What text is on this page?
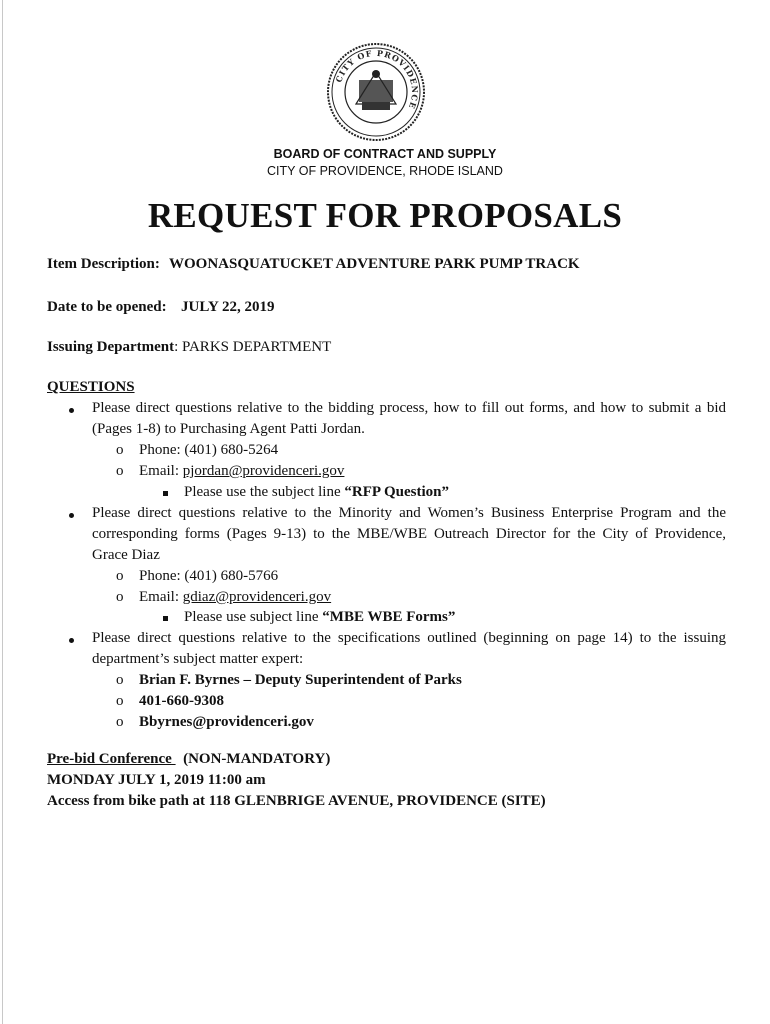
CITY OF PROVIDENCE
BOARD OF CONTRACT AND SUPPLY
CITY OF PROVIDENCE, RHODE ISLAND
REQUEST FOR PROPOSALS
Item Description: WOONASQUATUCKET ADVENTURE PARK PUMP TRACK
Date to be opened: JULY 22, 2019
Issuing Department: PARKS DEPARTMENT
QUESTIONS
Please direct questions relative to the bidding process, how to fill out forms, and how to submit a bid
(Pages 1-8) to Purchasing Agent Patti Jordan.
o Phone: (401) 680-5264
o Email: pjordan@providenceri.gov
Please use the subject line “RFP Question”
Please direct questions relative to the Minority and Women’s Business Enterprise Program and the
corresponding forms (Pages 9-13) to the MBE/WBE Outreach Director for the City of Providence,
Grace Diaz
o Phone: (401) 680-5766
o Email: gdiaz@providenceri.gov
Please use subject line “MBE WBE Forms”
Please direct questions relative to the specifications outlined (beginning on page 14) to the issuing
department’s subject matter expert:
o Brian F. Byrnes – Deputy Superintendent of Parks
o 401-660-9308
o Bbyrnes@providenceri.gov
Pre-bid Conference   (NON-MANDATORY)
MONDAY JULY 1, 2019 11:00 am
Access from bike path at 118 GLENBRIGE AVENUE, PROVIDENCE (SITE)
